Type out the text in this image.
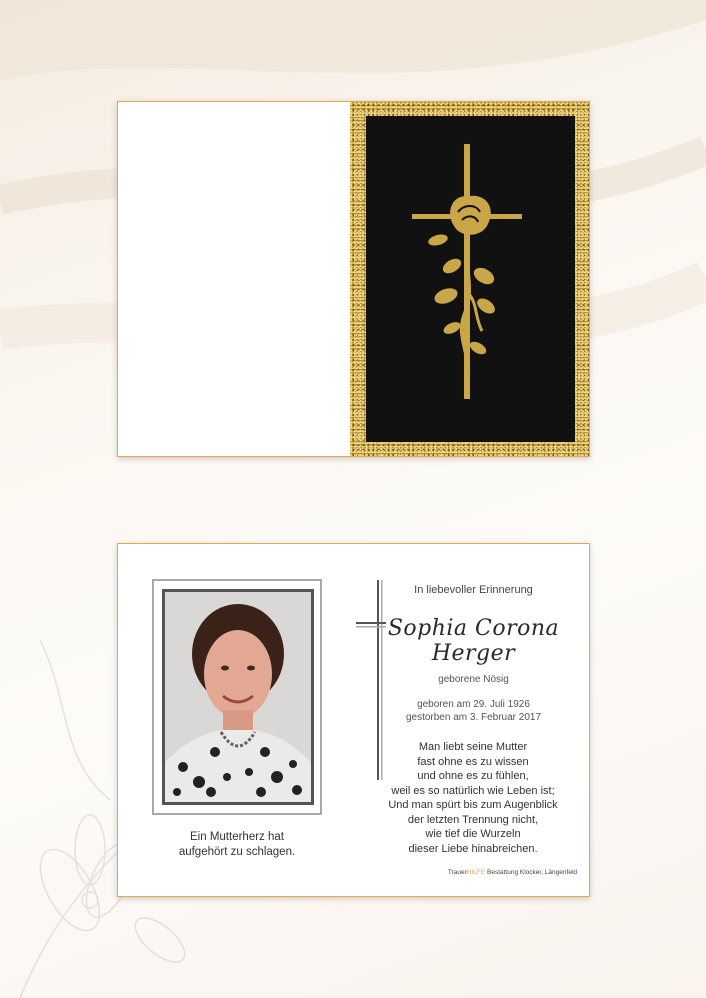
Ein Mutterherz hat
aufgehört zu schlagen.
In liebevoller Erinnerung
Sophia Corona
Herger
geborene Nösig
geboren am 29. Juli 1926
gestorben am 3. Februar 2017
Man liebt seine Mutter
fast ohne es zu wissen
und ohne es zu fühlen,
weil es so natürlich wie Leben ist;
Und man spürt bis zum Augenblick
der letzten Trennung nicht,
wie tief die Wurzeln
dieser Liebe hinabreichen.
TrauerHILFE Bestattung Klocker, Längenfeld
